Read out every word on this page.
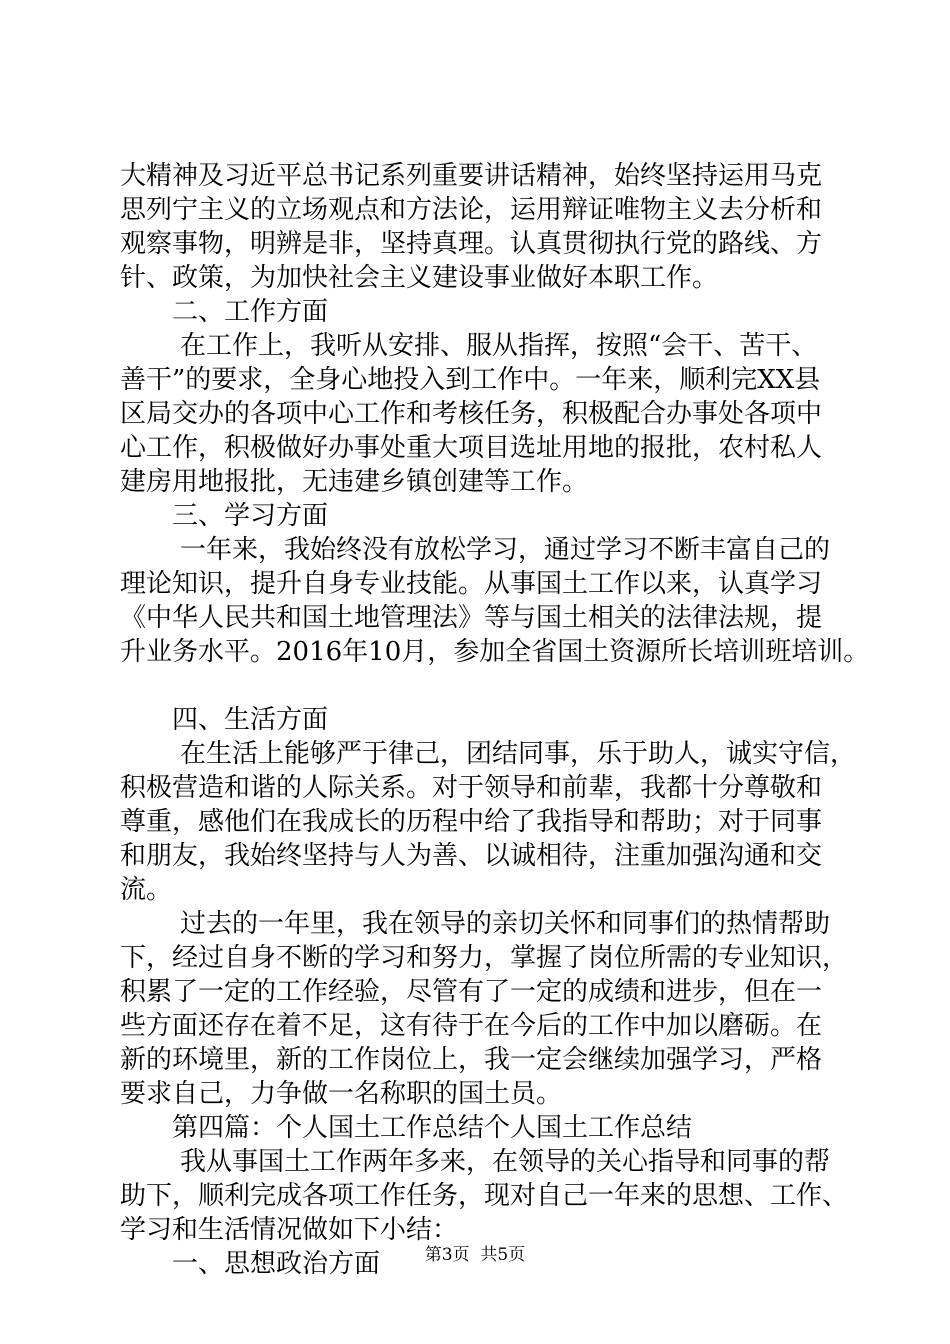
大精神及习近平总书记系列重要讲话精神，始终坚持运用马克
思列宁主义的立场观点和方法论，运用辩证唯物主义去分析和
观察事物，明辨是非，坚持真理。认真贯彻执行党的路线、方
针、政策，为加快社会主义建设事业做好本职工作。
二、工作方面
在工作上，我听从安排、服从指挥，按照“会干、苦干、
善干”的要求，全身心地投入到工作中。一年来，顺利完XX县
区局交办的各项中心工作和考核任务，积极配合办事处各项中
心工作，积极做好办事处重大项目选址用地的报批，农村私人
建房用地报批，无违建乡镇创建等工作。
三、学习方面
一年来，我始终没有放松学习，通过学习不断丰富自己的
理论知识，提升自身专业技能。从事国土工作以来，认真学习
《中华人民共和国土地管理法》等与国土相关的法律法规，提
升业务水平。2016年10月，参加全省国土资源所长培训班培训。
四、生活方面
在生活上能够严于律己，团结同事，乐于助人，诚实守信，
积极营造和谐的人际关系。对于领导和前辈，我都十分尊敬和
尊重，感他们在我成长的历程中给了我指导和帮助；对于同事
和朋友，我始终坚持与人为善、以诚相待，注重加强沟通和交
流。
过去的一年里，我在领导的亲切关怀和同事们的热情帮助
下，经过自身不断的学习和努力，掌握了岗位所需的专业知识，
积累了一定的工作经验，尽管有了一定的成绩和进步，但在一
些方面还存在着不足，这有待于在今后的工作中加以磨砺。在
新的环境里，新的工作岗位上，我一定会继续加强学习，严格
要求自己，力争做一名称职的国土员。
第四篇：个人国土工作总结个人国土工作总结
我从事国土工作两年多来，在领导的关心指导和同事的帮
助下，顺利完成各项工作任务，现对自己一年来的思想、工作、
学习和生活情况做如下小结：
一、思想政治方面	第3页  共5页
